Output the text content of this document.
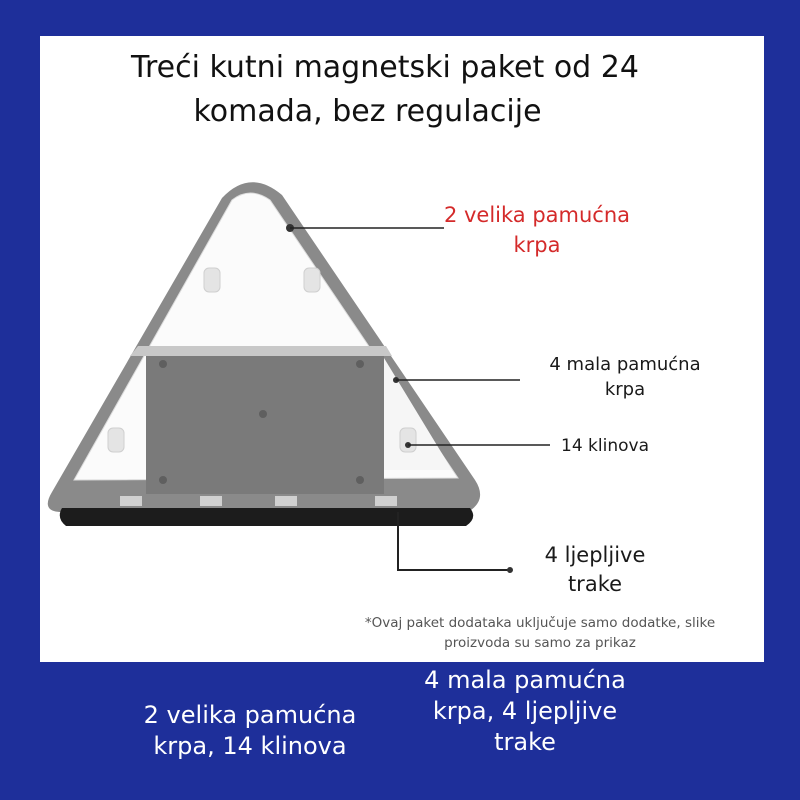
Treći kutni magnetski paket od 24
komada, bez regulacije
2 velika pamućna krpa
4 mala pamućna krpa
14 klinova
4 ljepljive trake
*Ovaj paket dodataka uključuje samo dodatke, slike proizvoda su samo za prikaz
2 velika pamućna krpa, 14 klinova
4 mala pamućna krpa, 4 ljepljive trake
